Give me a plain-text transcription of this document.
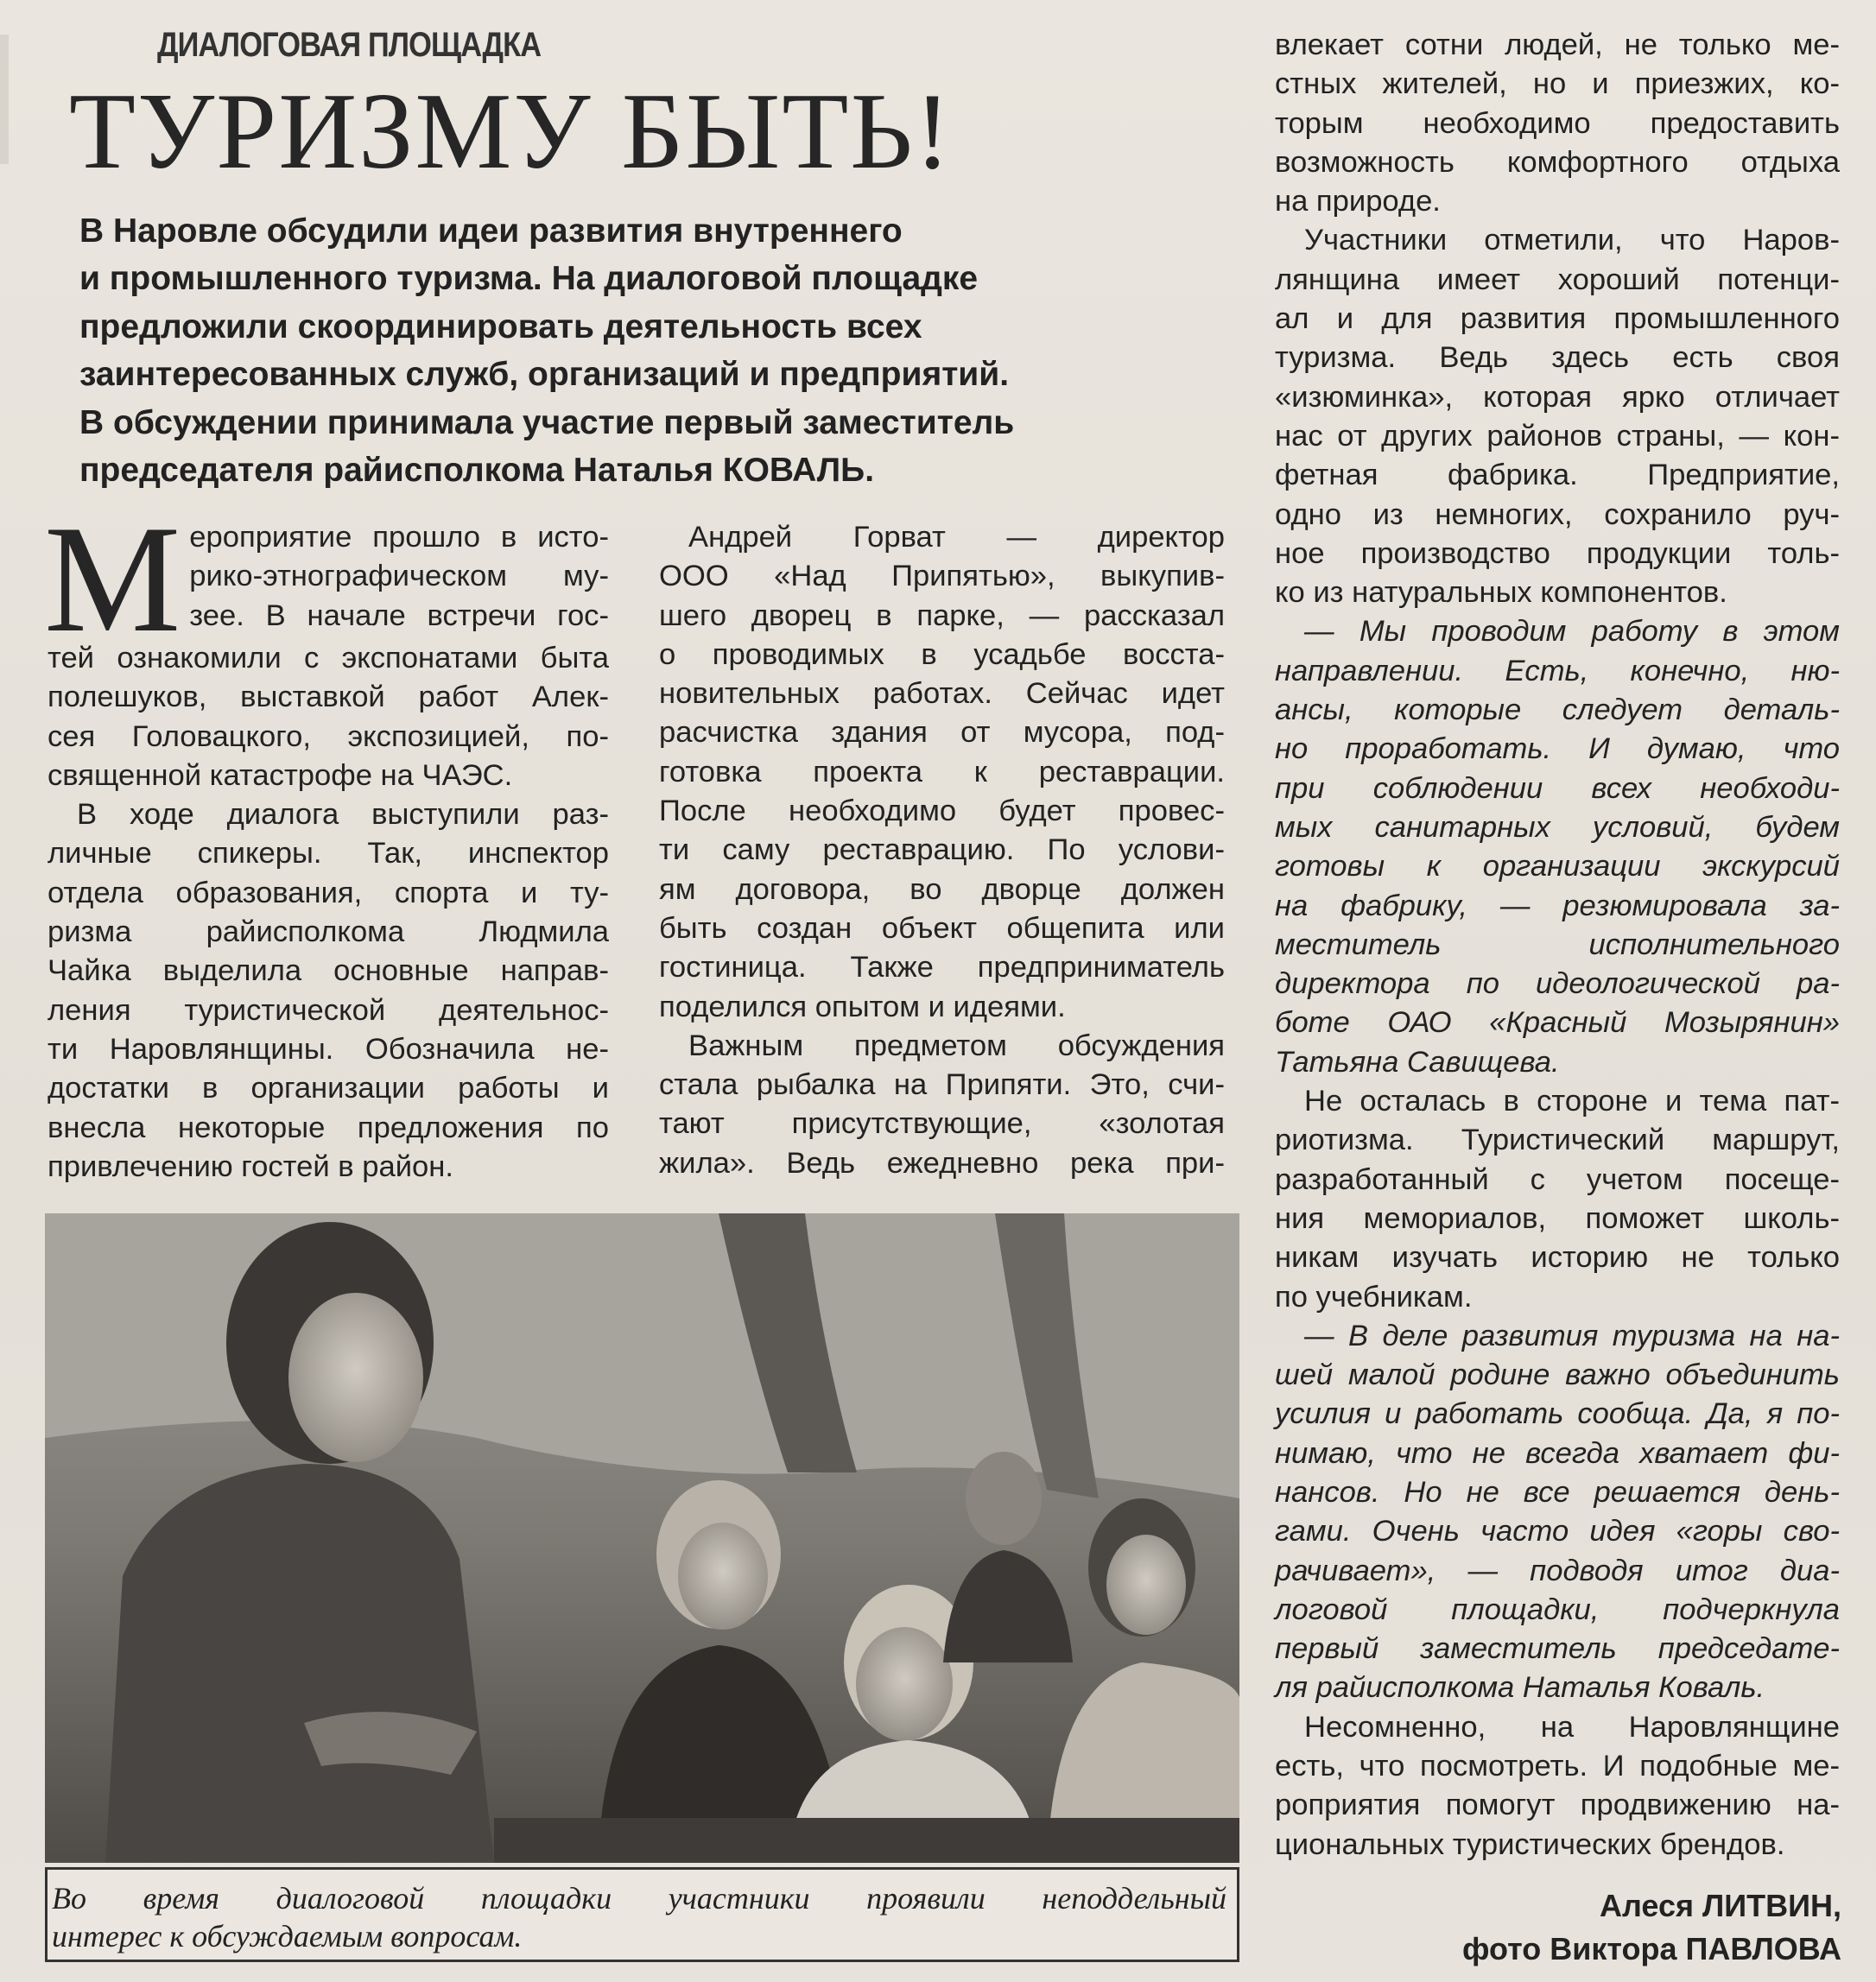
ДИАЛОГОВАЯ ПЛОЩАДКА
ТУРИЗМУ БЫТЬ!
В Наровле обсудили идеи развития внутреннего
и промышленного туризма. На диалоговой площадке
предложили скоординировать деятельность всех
заинтересованных служб, организаций и предприятий.
В обсуждении принимала участие первый заместитель
председателя райисполкома Наталья КОВАЛЬ.
М ероприятие прошло в исто-
рико-этнографическом му-
зее. В начале встречи гос-
тей ознакомили с экспонатами быта
полешуков, выставкой работ Алек-
сея Головацкого, экспозицией, по-
священной катастрофе на ЧАЭС.
В ходе диалога выступили раз-
личные спикеры. Так, инспектор
отдела образования, спорта и ту-
ризма райисполкома Людмила
Чайка выделила основные направ-
ления туристической деятельнос-
ти Наровлянщины. Обозначила не-
достатки в организации работы и
внесла некоторые предложения по
привлечению гостей в район.
Андрей Горват — директор
ООО «Над Припятью», выкупив-
шего дворец в парке, — рассказал
о проводимых в усадьбе восста-
новительных работах. Сейчас идет
расчистка здания от мусора, под-
готовка проекта к реставрации.
После необходимо будет провес-
ти саму реставрацию. По услови-
ям договора, во дворце должен
быть создан объект общепита или
гостиница. Также предприниматель
поделился опытом и идеями.
Важным предметом обсуждения
стала рыбалка на Припяти. Это, счи-
тают присутствующие, «золотая
жила». Ведь ежедневно река при-
Во время диалоговой площадки участники проявили неподдельный
интерес к обсуждаемым вопросам.
влекает сотни людей, не только ме-
стных жителей, но и приезжих, ко-
торым необходимо предоставить
возможность комфортного отдыха
на природе.
Участники отметили, что Наров-
лянщина имеет хороший потенци-
ал и для развития промышленного
туризма. Ведь здесь есть своя
«изюминка», которая ярко отличает
нас от других районов страны, — кон-
фетная фабрика. Предприятие,
одно из немногих, сохранило руч-
ное производство продукции толь-
ко из натуральных компонентов.
— Мы проводим работу в этом
направлении. Есть, конечно, ню-
ансы, которые следует деталь-
но проработать. И думаю, что
при соблюдении всех необходи-
мых санитарных условий, будем
готовы к организации экскурсий
на фабрику, — резюмировала за-
меститель исполнительного
директора по идеологической ра-
боте ОАО «Красный Мозырянин»
Татьяна Савищева.
Не осталась в стороне и тема пат-
риотизма. Туристический маршрут,
разработанный с учетом посеще-
ния мемориалов, поможет школь-
никам изучать историю не только
по учебникам.
— В деле развития туризма на на-
шей малой родине важно объединить
усилия и работать сообща. Да, я по-
нимаю, что не всегда хватает фи-
нансов. Но не все решается день-
гами. Очень часто идея «горы сво-
рачивает», — подводя итог диа-
логовой площадки, подчеркнула
первый заместитель председате-
ля райисполкома Наталья Коваль.
Несомненно, на Наровлянщине
есть, что посмотреть. И подобные ме-
роприятия помогут продвижению на-
циональных туристических брендов.
Алеся ЛИТВИН,
фото Виктора ПАВЛОВА
